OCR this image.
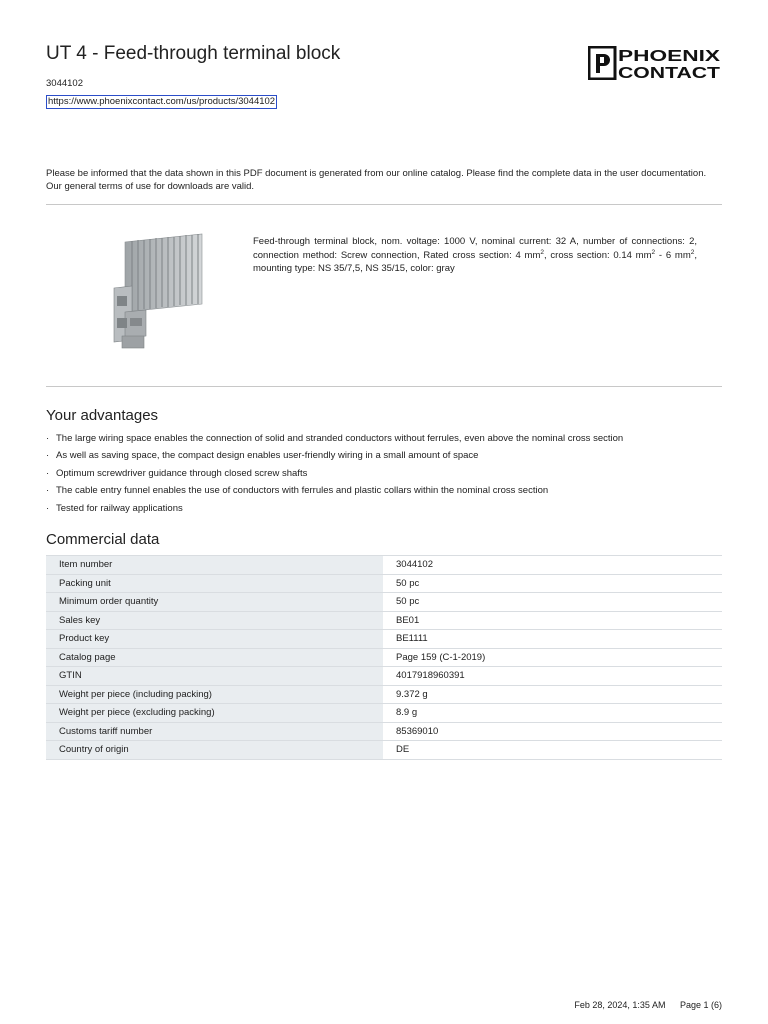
UT 4 - Feed-through terminal block
3044102
https://www.phoenixcontact.com/us/products/3044102
PHOENIX
CONTACT
Please be informed that the data shown in this PDF document is generated from our online catalog. Please find the complete data in the user documentation. Our general terms of use for downloads are valid.
Feed-through terminal block, nom. voltage: 1000 V, nominal current: 32 A, number of connections: 2, connection method: Screw connection, Rated cross section: 4 $mm^2$, cross section: 0.14 $mm^2 - 6$ $mm^2$, mounting type: NS 35/7,5, NS 35/15, color: gray
Your advantages
· The large wiring space enables the connection of solid and stranded conductors without ferrules, even above the nominal cross section
· As well as saving space, the compact design enables user-friendly wiring in a small amount of space
· Optimum screwdriver guidance through closed screw shafts
· The cable entry funnel enables the use of conductors with ferrules and plastic collars within the nominal cross section
· Tested for railway applications
Commercial data
Item number	3044102
Packing unit	50 pc
Minimum order quantity	50 pc
Sales key	BE01
Product key	BE1111
Catalog page	Page 159 (C-1-2019)
GTIN	4017918960391
Weight per piece (including packing)	9.372 g
Weight per piece (excluding packing)	8.9 g
Customs tariff number	85369010
Country of origin	DE
Feb 28, 2024, 1:35 AM Page 1 (6)
